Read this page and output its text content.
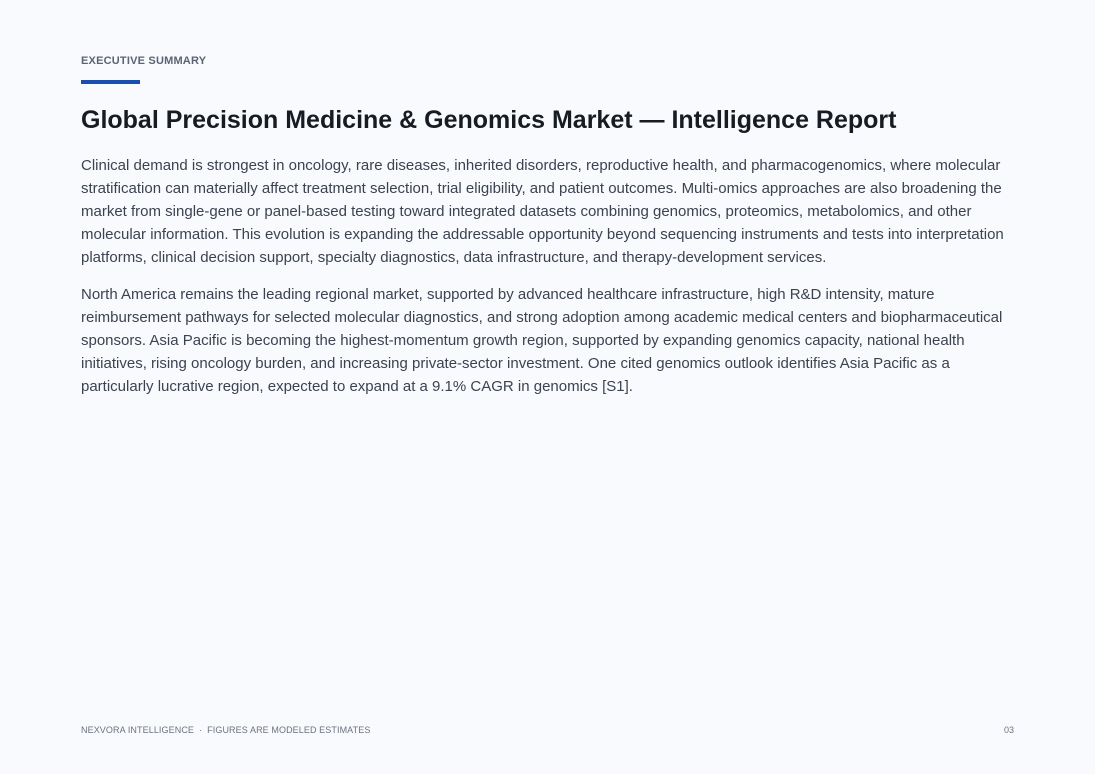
EXECUTIVE SUMMARY
Global Precision Medicine & Genomics Market — Intelligence Report

Clinical demand is strongest in oncology, rare diseases, inherited disorders, reproductive health, and pharmacogenomics, where molecular stratification can materially affect treatment selection, trial eligibility, and patient outcomes. Multi-omics approaches are also broadening the market from single-gene or panel-based testing toward integrated datasets combining genomics, proteomics, metabolomics, and other molecular information. This evolution is expanding the addressable opportunity beyond sequencing instruments and tests into interpretation platforms, clinical decision support, specialty diagnostics, data infrastructure, and therapy-development services.

North America remains the leading regional market, supported by advanced healthcare infrastructure, high R&D intensity, mature reimbursement pathways for selected molecular diagnostics, and strong adoption among academic medical centers and biopharmaceutical sponsors. Asia Pacific is becoming the highest-momentum growth region, supported by expanding genomics capacity, national health initiatives, rising oncology burden, and increasing private-sector investment. One cited genomics outlook identifies Asia Pacific as a particularly lucrative region, expected to expand at a 9.1% CAGR in genomics [S1].

NEXVORA INTELLIGENCE · FIGURES ARE MODELED ESTIMATES	03
